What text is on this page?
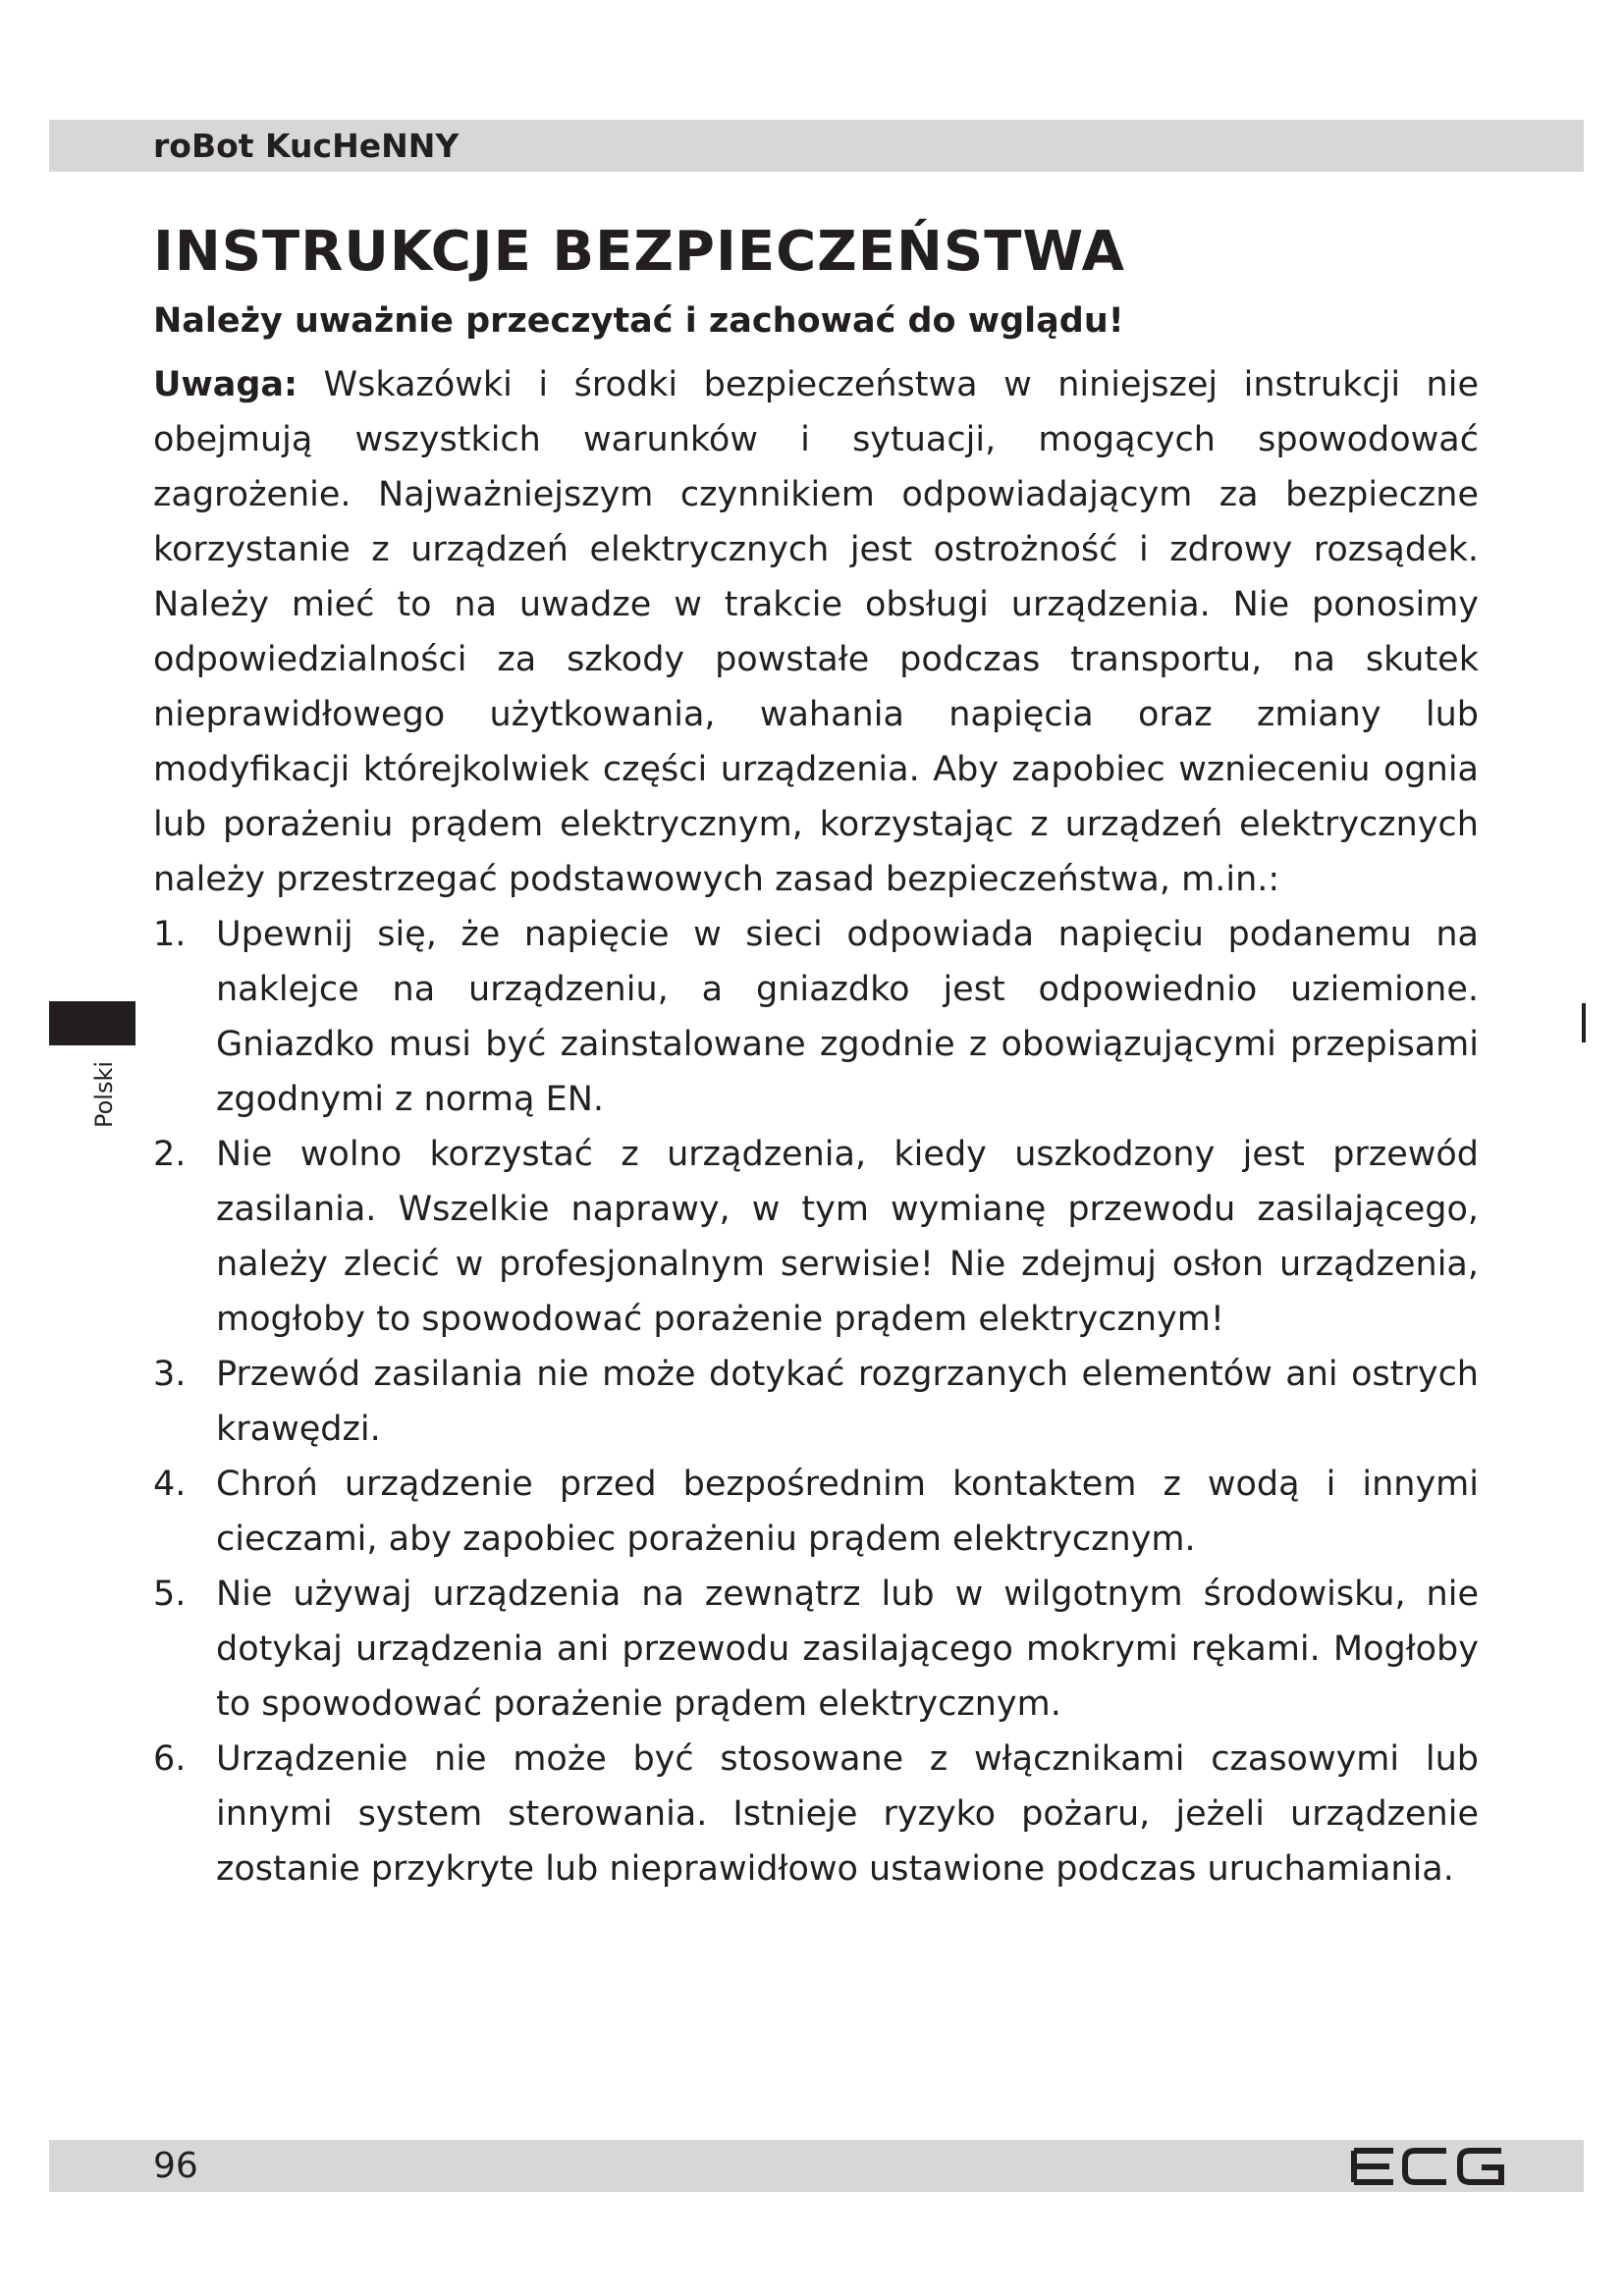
roBot KucHeNNY
Polski
INSTRUKCJE BEZPIECZEŃSTWA
Należy uważnie przeczytać i zachować do wglądu!

Uwaga: Wskazówki i środki bezpieczeństwa w niniejszej instrukcji nie obejmują wszystkich warunków i sytuacji, mogących spowodować zagrożenie. Najważniejszym czynnikiem odpowiadającym za bezpieczne korzystanie z urządzeń elektrycznych jest ostrożność i zdrowy rozsądek. Należy mieć to na uwadze w trakcie obsługi urządzenia. Nie ponosimy odpowiedzialności za szkody powstałe podczas transportu, na skutek nieprawidłowego użytkowania, wahania napięcia oraz zmiany lub modyfikacji którejkolwiek części urządzenia. Aby zapobiec wznieceniu ognia lub porażeniu prądem elektrycznym, korzystając z urządzeń elektrycznych należy przestrzegać podstawowych zasad bezpieczeństwa, m.in.:

1. Upewnij się, że napięcie w sieci odpowiada napięciu podanemu na naklejce na urządzeniu, a gniazdko jest odpowiednio uziemione. Gniazdko musi być zainstalowane zgodnie z obowiązującymi przepisami zgodnymi z normą EN.
2. Nie wolno korzystać z urządzenia, kiedy uszkodzony jest przewód zasilania. Wszelkie naprawy, w tym wymianę przewodu zasilającego, należy zlecić w profesjonalnym serwisie! Nie zdejmuj osłon urządzenia, mogłoby to spowodować porażenie prądem elektrycznym!
3. Przewód zasilania nie może dotykać rozgrzanych elementów ani ostrych krawędzi.
4. Chroń urządzenie przed bezpośrednim kontaktem z wodą i innymi cieczami, aby zapobiec porażeniu prądem elektrycznym.
5. Nie używaj urządzenia na zewnątrz lub w wilgotnym środowisku, nie dotykaj urządzenia ani przewodu zasilającego mokrymi rękami. Mogłoby to spowodować porażenie prądem elektrycznym.
6. Urządzenie nie może być stosowane z włącznikami czasowymi lub innymi system sterowania. Istnieje ryzyko pożaru, jeżeli urządzenie zostanie przykryte lub nieprawidłowo ustawione podczas uruchamiania.
96
